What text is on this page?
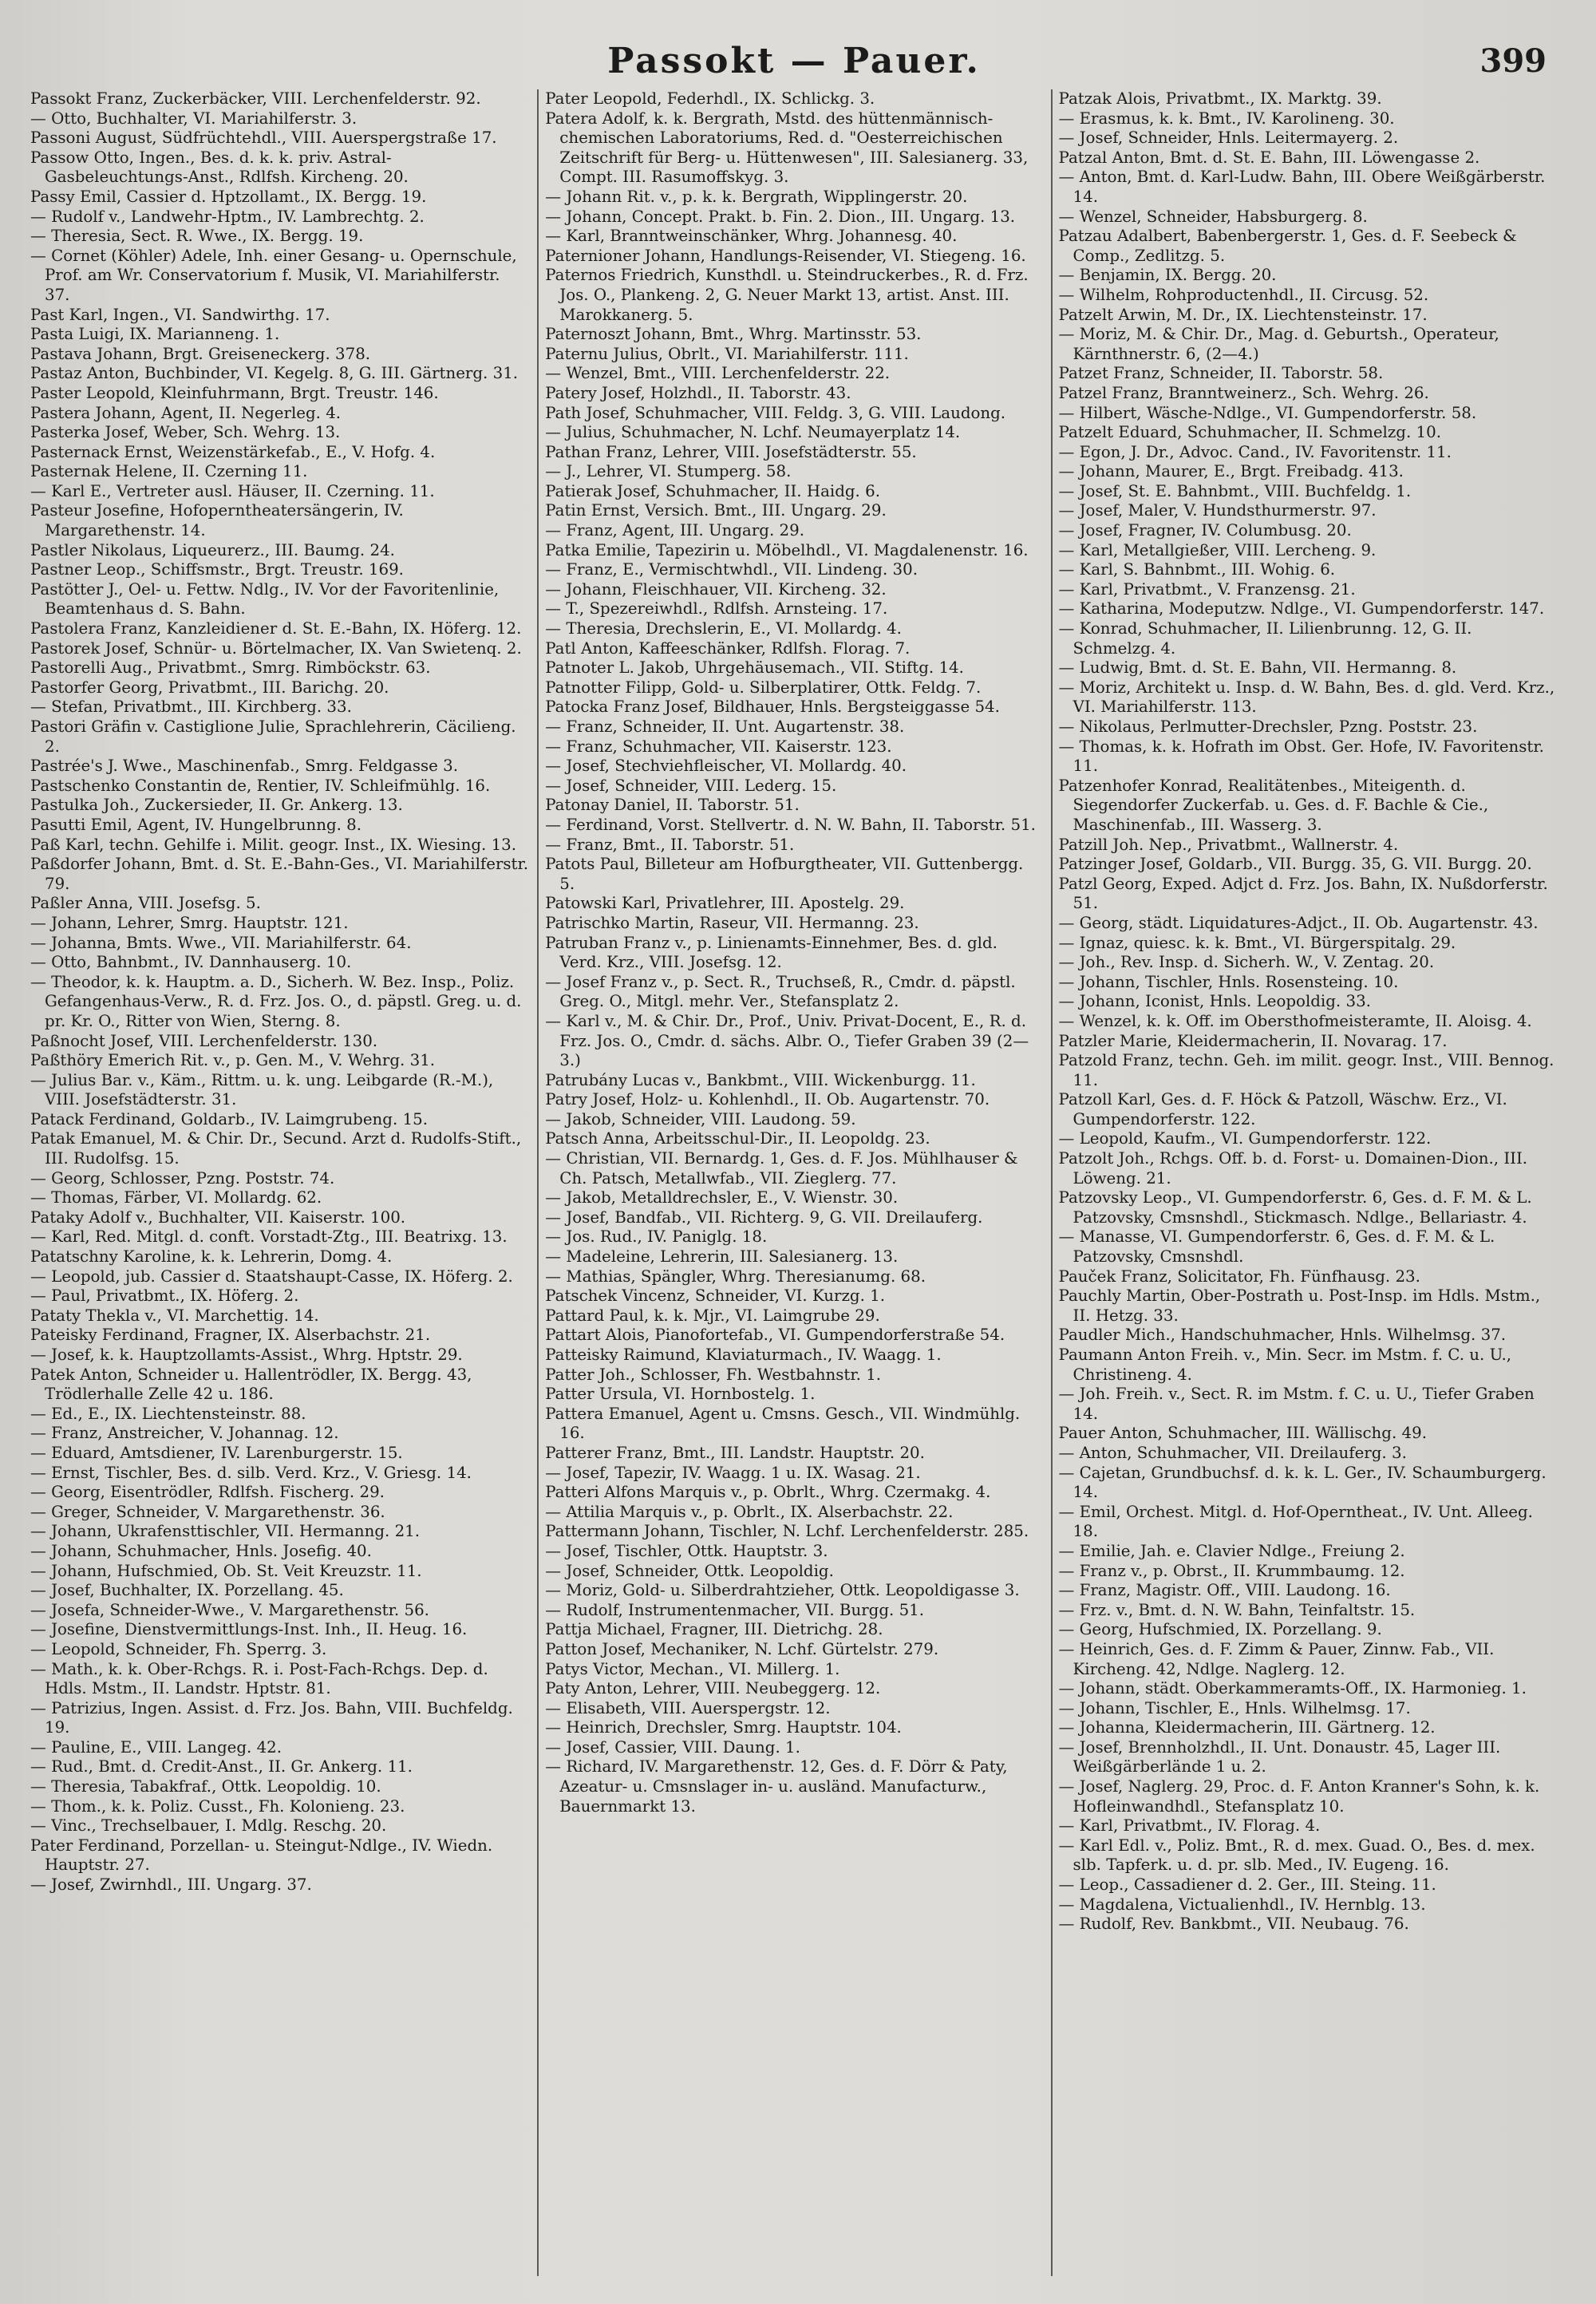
Passokt — Pauer.	399

Passokt Franz, Zuckerbäcker, VIII. Lerchenfelderstr. 92.

— Otto, Buchhalter, VI. Mariahilferstr. 3.

Passoni August, Südfrüchtehdl., VIII. Auerspergstraße 17.

Passow Otto, Ingen., Bes. d. k. k. priv. Astral-Gasbeleuchtungs-Anst., Rdlfsh. Kircheng. 20.

Passy Emil, Cassier d. Hptzollamt., IX. Bergg. 19.

— Rudolf v., Landwehr-Hptm., IV. Lambrechtg. 2.

— Theresia, Sect. R. Wwe., IX. Bergg. 19.

— Cornet (Köhler) Adele, Inh. einer Gesang- u. Opernschule, Prof. am Wr. Conservatorium f. Musik, VI. Mariahilferstr. 37.

Past Karl, Ingen., VI. Sandwirthg. 17.

Pasta Luigi, IX. Marianneng. 1.

Pastava Johann, Brgt. Greiseneckerg. 378.

Pastaz Anton, Buchbinder, VI. Kegelg. 8, G. III. Gärtnerg. 31.

Paster Leopold, Kleinfuhrmann, Brgt. Treustr. 146.

Pastera Johann, Agent, II. Negerleg. 4.

Pasterka Josef, Weber, Sch. Wehrg. 13.

Pasternack Ernst, Weizenstärkefab., E., V. Hofg. 4.

Pasternak Helene, II. Czerning 11.

— Karl E., Vertreter ausl. Häuser, II. Czerning. 11.

Pasteur Josefine, Hofoperntheatersängerin, IV. Margarethenstr. 14.

Pastler Nikolaus, Liqueurerz., III. Baumg. 24.

Pastner Leop., Schiffsmstr., Brgt. Treustr. 169.

Pastötter J., Oel- u. Fettw. Ndlg., IV. Vor der Favoritenlinie, Beamtenhaus d. S. Bahn.

Pastolera Franz, Kanzleidiener d. St. E.-Bahn, IX. Höferg. 12.

Pastorek Josef, Schnür- u. Börtelmacher, IX. Van Swietenq. 2.

Pastorelli Aug., Privatbmt., Smrg. Rimböckstr. 63.

Pastorfer Georg, Privatbmt., III. Barichg. 20.

— Stefan, Privatbmt., III. Kirchberg. 33.

Pastori Gräfin v. Castiglione Julie, Sprachlehrerin, Cäcilieng. 2.

Pastrée's J. Wwe., Maschinenfab., Smrg. Feldgasse 3.

Pastschenko Constantin de, Rentier, IV. Schleifmühlg. 16.

Pastulka Joh., Zuckersieder, II. Gr. Ankerg. 13.

Pasutti Emil, Agent, IV. Hungelbrunng. 8.

Paß Karl, techn. Gehilfe i. Milit. geogr. Inst., IX. Wiesing. 13.

Paßdorfer Johann, Bmt. d. St. E.-Bahn-Ges., VI. Mariahilferstr. 79.

Paßler Anna, VIII. Josefsg. 5.

— Johann, Lehrer, Smrg. Hauptstr. 121.

— Johanna, Bmts. Wwe., VII. Mariahilferstr. 64.

— Otto, Bahnbmt., IV. Dannhauserg. 10.

— Theodor, k. k. Hauptm. a. D., Sicherh. W. Bez. Insp., Poliz. Gefangenhaus-Verw., R. d. Frz. Jos. O., d. päpstl. Greg. u. d. pr. Kr. O., Ritter von Wien, Sterng. 8.

Paßnocht Josef, VIII. Lerchenfelderstr. 130.

Paßthöry Emerich Rit. v., p. Gen. M., V. Wehrg. 31.

— Julius Bar. v., Käm., Rittm. u. k. ung. Leibgarde (R.-M.), VIII. Josefstädterstr. 31.

Patack Ferdinand, Goldarb., IV. Laimgrubeng. 15.

Patak Emanuel, M. & Chir. Dr., Secund. Arzt d. Rudolfs-Stift., III. Rudolfsg. 15.

— Georg, Schlosser, Pzng. Poststr. 74.

— Thomas, Färber, VI. Mollardg. 62.

Pataky Adolf v., Buchhalter, VII. Kaiserstr. 100.

— Karl, Red. Mitgl. d. conft. Vorstadt-Ztg., III. Beatrixg. 13.

Patatschny Karoline, k. k. Lehrerin, Domg. 4.

— Leopold, jub. Cassier d. Staatshaupt-Casse, IX. Höferg. 2.

— Paul, Privatbmt., IX. Höferg. 2.

Pataty Thekla v., VI. Marchettig. 14.

Pateisky Ferdinand, Fragner, IX. Alserbachstr. 21.

— Josef, k. k. Hauptzollamts-Assist., Whrg. Hptstr. 29.

Patek Anton, Schneider u. Hallentrödler, IX. Bergg. 43, Trödlerhalle Zelle 42 u. 186.

— Ed., E., IX. Liechtensteinstr. 88.

— Franz, Anstreicher, V. Johannag. 12.

— Eduard, Amtsdiener, IV. Larenburgerstr. 15.

— Ernst, Tischler, Bes. d. silb. Verd. Krz., V. Griesg. 14.

— Georg, Eisentrödler, Rdlfsh. Fischerg. 29.

— Greger, Schneider, V. Margarethenstr. 36.

— Johann, Ukrafensttischler, VII. Hermanng. 21.

— Johann, Schuhmacher, Hnls. Josefig. 40.

— Johann, Hufschmied, Ob. St. Veit Kreuzstr. 11.

— Josef, Buchhalter, IX. Porzellang. 45.

— Josefa, Schneider-Wwe., V. Margarethenstr. 56.

— Josefine, Dienstvermittlungs-Inst. Inh., II. Heug. 16.

— Leopold, Schneider, Fh. Sperrg. 3.

— Math., k. k. Ober-Rchgs. R. i. Post-Fach-Rchgs. Dep. d. Hdls. Mstm., II. Landstr. Hptstr. 81.

— Patrizius, Ingen. Assist. d. Frz. Jos. Bahn, VIII. Buchfeldg. 19.

— Pauline, E., VIII. Langeg. 42.

— Rud., Bmt. d. Credit-Anst., II. Gr. Ankerg. 11.

— Theresia, Tabakfraf., Ottk. Leopoldig. 10.

— Thom., k. k. Poliz. Cusst., Fh. Kolonieng. 23.

— Vinc., Trechselbauer, I. Mdlg. Reschg. 20.

Pater Ferdinand, Porzellan- u. Steingut-Ndlge., IV. Wiedn. Hauptstr. 27.

— Josef, Zwirnhdl., III. Ungarg. 37.

Pater Leopold, Federhdl., IX. Schlickg. 3.

Patera Adolf, k. k. Bergrath, Mstd. des hüttenmännisch-chemischen Laboratoriums, Red. d. "Oesterreichischen Zeitschrift für Berg- u. Hüttenwesen", III. Salesianerg. 33, Compt. III. Rasumoffskyg. 3.

— Johann Rit. v., p. k. k. Bergrath, Wipplingerstr. 20.

— Johann, Concept. Prakt. b. Fin. 2. Dion., III. Ungarg. 13.

— Karl, Branntweinschänker, Whrg. Johannesg. 40.

Paternioner Johann, Handlungs-Reisender, VI. Stiegeng. 16.

Paternos Friedrich, Kunsthdl. u. Steindruckerbes., R. d. Frz. Jos. O., Plankeng. 2, G. Neuer Markt 13, artist. Anst. III. Marokkanerg. 5.

Paternoszt Johann, Bmt., Whrg. Martinsstr. 53.

Paternu Julius, Obrlt., VI. Mariahilferstr. 111.

— Wenzel, Bmt., VIII. Lerchenfelderstr. 22.

Patery Josef, Holzhdl., II. Taborstr. 43.

Path Josef, Schuhmacher, VIII. Feldg. 3, G. VIII. Laudong.

— Julius, Schuhmacher, N. Lchf. Neumayerplatz 14.

Pathan Franz, Lehrer, VIII. Josefstädterstr. 55.

— J., Lehrer, VI. Stumperg. 58.

Patierak Josef, Schuhmacher, II. Haidg. 6.

Patin Ernst, Versich. Bmt., III. Ungarg. 29.

— Franz, Agent, III. Ungarg. 29.

Patka Emilie, Tapezirin u. Möbelhdl., VI. Magdalenenstr. 16.

— Franz, E., Vermischtwhdl., VII. Lindeng. 30.

— Johann, Fleischhauer, VII. Kircheng. 32.

— T., Spezereiwhdl., Rdlfsh. Arnsteing. 17.

— Theresia, Drechslerin, E., VI. Mollardg. 4.

Patl Anton, Kaffeeschänker, Rdlfsh. Florag. 7.

Patnoter L. Jakob, Uhrgehäusemach., VII. Stiftg. 14.

Patnotter Filipp, Gold- u. Silberplatirer, Ottk. Feldg. 7.

Patocka Franz Josef, Bildhauer, Hnls. Bergsteiggasse 54.

— Franz, Schneider, II. Unt. Augartenstr. 38.

— Franz, Schuhmacher, VII. Kaiserstr. 123.

— Josef, Stechviehfleischer, VI. Mollardg. 40.

— Josef, Schneider, VIII. Lederg. 15.

Patonay Daniel, II. Taborstr. 51.

— Ferdinand, Vorst. Stellvertr. d. N. W. Bahn, II. Taborstr. 51.

— Franz, Bmt., II. Taborstr. 51.

Patots Paul, Billeteur am Hofburgtheater, VII. Guttenbergg. 5.

Patowski Karl, Privatlehrer, III. Apostelg. 29.

Patrischko Martin, Raseur, VII. Hermanng. 23.

Patruban Franz v., p. Linienamts-Einnehmer, Bes. d. gld. Verd. Krz., VIII. Josefsg. 12.

— Josef Franz v., p. Sect. R., Truchseß, R., Cmdr. d. päpstl. Greg. O., Mitgl. mehr. Ver., Stefansplatz 2.

— Karl v., M. & Chir. Dr., Prof., Univ. Privat-Docent, E., R. d. Frz. Jos. O., Cmdr. d. sächs. Albr. O., Tiefer Graben 39 (2—3.)

Patrubány Lucas v., Bankbmt., VIII. Wickenburgg. 11.

Patry Josef, Holz- u. Kohlenhdl., II. Ob. Augartenstr. 70.

— Jakob, Schneider, VIII. Laudong. 59.

Patsch Anna, Arbeitsschul-Dir., II. Leopoldg. 23.

— Christian, VII. Bernardg. 1, Ges. d. F. Jos. Mühlhauser & Ch. Patsch, Metallwfab., VII. Zieglerg. 77.

— Jakob, Metalldrechsler, E., V. Wienstr. 30.

— Josef, Bandfab., VII. Richterg. 9, G. VII. Dreilauferg.

— Jos. Rud., IV. Paniglg. 18.

— Madeleine, Lehrerin, III. Salesianerg. 13.

— Mathias, Spängler, Whrg. Theresianumg. 68.

Patschek Vincenz, Schneider, VI. Kurzg. 1.

Pattard Paul, k. k. Mjr., VI. Laimgrube 29.

Pattart Alois, Pianofortefab., VI. Gumpendorferstraße 54.

Patteisky Raimund, Klaviaturmach., IV. Waagg. 1.

Patter Joh., Schlosser, Fh. Westbahnstr. 1.

Patter Ursula, VI. Hornbostelg. 1.

Pattera Emanuel, Agent u. Cmsns. Gesch., VII. Windmühlg. 16.

Patterer Franz, Bmt., III. Landstr. Hauptstr. 20.

— Josef, Tapezir, IV. Waagg. 1 u. IX. Wasag. 21.

Patteri Alfons Marquis v., p. Obrlt., Whrg. Czermakg. 4.

— Attilia Marquis v., p. Obrlt., IX. Alserbachstr. 22.

Pattermann Johann, Tischler, N. Lchf. Lerchenfelderstr. 285.

— Josef, Tischler, Ottk. Hauptstr. 3.

— Josef, Schneider, Ottk. Leopoldig.

— Moriz, Gold- u. Silberdrahtzieher, Ottk. Leopoldigasse 3.

— Rudolf, Instrumentenmacher, VII. Burgg. 51.

Pattja Michael, Fragner, III. Dietrichg. 28.

Patton Josef, Mechaniker, N. Lchf. Gürtelstr. 279.

Patys Victor, Mechan., VI. Millerg. 1.

Paty Anton, Lehrer, VIII. Neubeggerg. 12.

— Elisabeth, VIII. Auerspergstr. 12.

— Heinrich, Drechsler, Smrg. Hauptstr. 104.

— Josef, Cassier, VIII. Daung. 1.

— Richard, IV. Margarethenstr. 12, Ges. d. F. Dörr & Paty, Azeatur- u. Cmsnslager in- u. ausländ. Manufacturw., Bauernmarkt 13.

Patzak Alois, Privatbmt., IX. Marktg. 39.

— Erasmus, k. k. Bmt., IV. Karolineng. 30.

— Josef, Schneider, Hnls. Leitermayerg. 2.

Patzal Anton, Bmt. d. St. E. Bahn, III. Löwengasse 2.

— Anton, Bmt. d. Karl-Ludw. Bahn, III. Obere Weißgärberstr. 14.

— Wenzel, Schneider, Habsburgerg. 8.

Patzau Adalbert, Babenbergerstr. 1, Ges. d. F. Seebeck & Comp., Zedlitzg. 5.

— Benjamin, IX. Bergg. 20.

— Wilhelm, Rohproductenhdl., II. Circusg. 52.

Patzelt Arwin, M. Dr., IX. Liechtensteinstr. 17.

— Moriz, M. & Chir. Dr., Mag. d. Geburtsh., Operateur, Kärnthnerstr. 6, (2—4.)

Patzet Franz, Schneider, II. Taborstr. 58.

Patzel Franz, Branntweinerz., Sch. Wehrg. 26.

— Hilbert, Wäsche-Ndlge., VI. Gumpendorferstr. 58.

Patzelt Eduard, Schuhmacher, II. Schmelzg. 10.

— Egon, J. Dr., Advoc. Cand., IV. Favoritenstr. 11.

— Johann, Maurer, E., Brgt. Freibadg. 413.

— Josef, St. E. Bahnbmt., VIII. Buchfeldg. 1.

— Josef, Maler, V. Hundsthurmerstr. 97.

— Josef, Fragner, IV. Columbusg. 20.

— Karl, Metallgießer, VIII. Lercheng. 9.

— Karl, S. Bahnbmt., III. Wohig. 6.

— Karl, Privatbmt., V. Franzensg. 21.

— Katharina, Modeputzw. Ndlge., VI. Gumpendorferstr. 147.

— Konrad, Schuhmacher, II. Lilienbrunng. 12, G. II. Schmelzg. 4.

— Ludwig, Bmt. d. St. E. Bahn, VII. Hermanng. 8.

— Moriz, Architekt u. Insp. d. W. Bahn, Bes. d. gld. Verd. Krz., VI. Mariahilferstr. 113.

— Nikolaus, Perlmutter-Drechsler, Pzng. Poststr. 23.

— Thomas, k. k. Hofrath im Obst. Ger. Hofe, IV. Favoritenstr. 11.

Patzenhofer Konrad, Realitätenbes., Miteigenth. d. Siegendorfer Zuckerfab. u. Ges. d. F. Bachle & Cie., Maschinenfab., III. Wasserg. 3.

Patzill Joh. Nep., Privatbmt., Wallnerstr. 4.

Patzinger Josef, Goldarb., VII. Burgg. 35, G. VII. Burgg. 20.

Patzl Georg, Exped. Adjct d. Frz. Jos. Bahn, IX. Nußdorferstr. 51.

— Georg, städt. Liquidatures-Adjct., II. Ob. Augartenstr. 43.

— Ignaz, quiesc. k. k. Bmt., VI. Bürgerspitalg. 29.

— Joh., Rev. Insp. d. Sicherh. W., V. Zentag. 20.

— Johann, Tischler, Hnls. Rosensteing. 10.

— Johann, Iconist, Hnls. Leopoldig. 33.

— Wenzel, k. k. Off. im Obersthofmeisteramte, II. Aloisg. 4.

Patzler Marie, Kleidermacherin, II. Novarag. 17.

Patzold Franz, techn. Geh. im milit. geogr. Inst., VIII. Bennog. 11.

Patzoll Karl, Ges. d. F. Höck & Patzoll, Wäschw. Erz., VI. Gumpendorferstr. 122.

— Leopold, Kaufm., VI. Gumpendorferstr. 122.

Patzolt Joh., Rchgs. Off. b. d. Forst- u. Domainen-Dion., III. Löweng. 21.

Patzovsky Leop., VI. Gumpendorferstr. 6, Ges. d. F. M. & L. Patzovsky, Cmsnshdl., Stickmasch. Ndlge., Bellariastr. 4.

— Manasse, VI. Gumpendorferstr. 6, Ges. d. F. M. & L. Patzovsky, Cmsnshdl.

Pauček Franz, Solicitator, Fh. Fünfhausg. 23.

Pauchly Martin, Ober-Postrath u. Post-Insp. im Hdls. Mstm., II. Hetzg. 33.

Paudler Mich., Handschuhmacher, Hnls. Wilhelmsg. 37.

Paumann Anton Freih. v., Min. Secr. im Mstm. f. C. u. U., Christineng. 4.

— Joh. Freih. v., Sect. R. im Mstm. f. C. u. U., Tiefer Graben 14.

Pauer Anton, Schuhmacher, III. Wällischg. 49.

— Anton, Schuhmacher, VII. Dreilauferg. 3.

— Cajetan, Grundbuchsf. d. k. k. L. Ger., IV. Schaumburgerg. 14.

— Emil, Orchest. Mitgl. d. Hof-Operntheat., IV. Unt. Alleeg. 18.

— Emilie, Jah. e. Clavier Ndlge., Freiung 2.

— Franz v., p. Obrst., II. Krummbaumg. 12.

— Franz, Magistr. Off., VIII. Laudong. 16.

— Frz. v., Bmt. d. N. W. Bahn, Teinfaltstr. 15.

— Georg, Hufschmied, IX. Porzellang. 9.

— Heinrich, Ges. d. F. Zimm & Pauer, Zinnw. Fab., VII. Kircheng. 42, Ndlge. Naglerg. 12.

— Johann, städt. Oberkammeramts-Off., IX. Harmonieg. 1.

— Johann, Tischler, E., Hnls. Wilhelmsg. 17.

— Johanna, Kleidermacherin, III. Gärtnerg. 12.

— Josef, Brennholzhdl., II. Unt. Donaustr. 45, Lager III. Weißgärberlände 1 u. 2.

— Josef, Naglerg. 29, Proc. d. F. Anton Kranner's Sohn, k. k. Hofleinwandhdl., Stefansplatz 10.

— Karl, Privatbmt., IV. Florag. 4.

— Karl Edl. v., Poliz. Bmt., R. d. mex. Guad. O., Bes. d. mex. slb. Tapferk. u. d. pr. slb. Med., IV. Eugeng. 16.

— Leop., Cassadiener d. 2. Ger., III. Steing. 11.

— Magdalena, Victualienhdl., IV. Hernblg. 13.

— Rudolf, Rev. Bankbmt., VII. Neubaug. 76.
